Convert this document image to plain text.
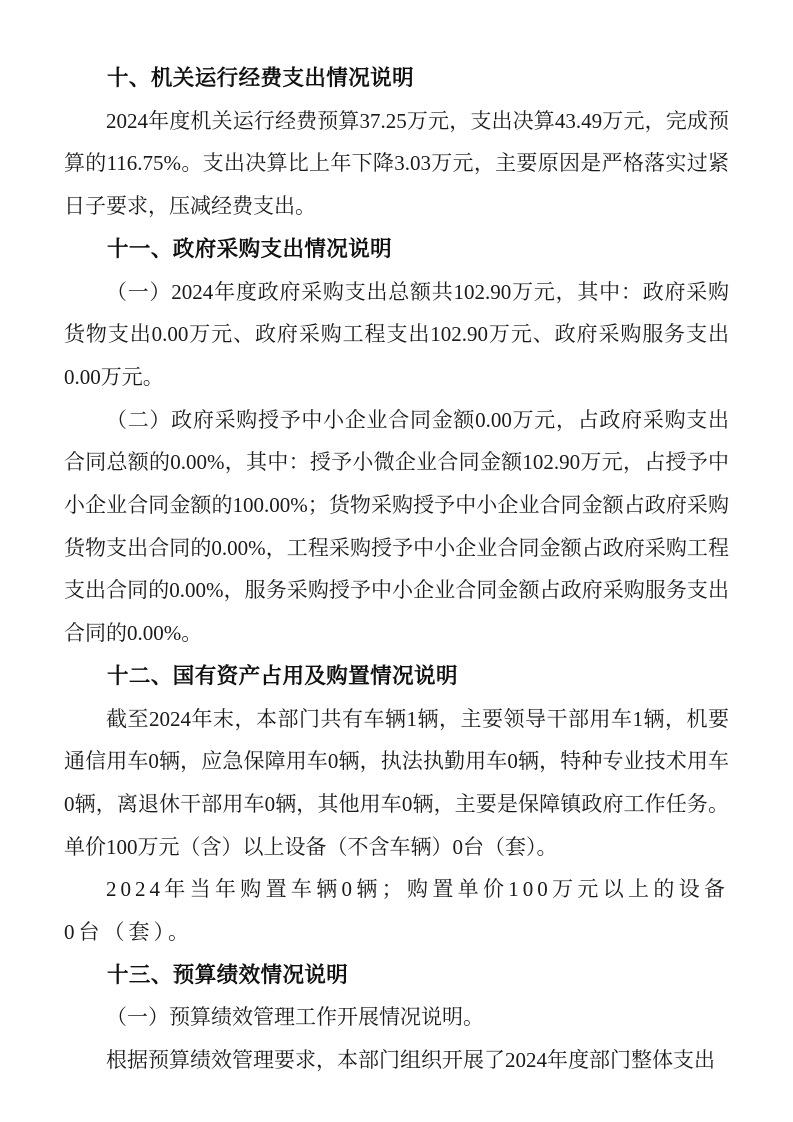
十、机关运行经费支出情况说明

2024年度机关运行经费预算37.25万元，支出决算43.49万元，完成预算的116.75%。支出决算比上年下降3.03万元，主要原因是严格落实过紧日子要求，压减经费支出。

十一、政府采购支出情况说明

（一）2024年度政府采购支出总额共102.90万元，其中：政府采购货物支出0.00万元、政府采购工程支出102.90万元、政府采购服务支出0.00万元。

（二）政府采购授予中小企业合同金额0.00万元，占政府采购支出合同总额的0.00%，其中：授予小微企业合同金额102.90万元，占授予中小企业合同金额的100.00%；货物采购授予中小企业合同金额占政府采购货物支出合同的0.00%，工程采购授予中小企业合同金额占政府采购工程支出合同的0.00%，服务采购授予中小企业合同金额占政府采购服务支出合同的0.00%。

十二、国有资产占用及购置情况说明

截至2024年末，本部门共有车辆1辆，主要领导干部用车1辆，机要通信用车0辆，应急保障用车0辆，执法执勤用车0辆，特种专业技术用车0辆，离退休干部用车0辆，其他用车0辆，主要是保障镇政府工作任务。单价100万元（含）以上设备（不含车辆）0台（套）。

2024年当年购置车辆0辆；购置单价100万元以上的设备0台（套）。

十三、预算绩效情况说明

（一）预算绩效管理工作开展情况说明。

根据预算绩效管理要求，本部门组织开展了2024年度部门整体支出
